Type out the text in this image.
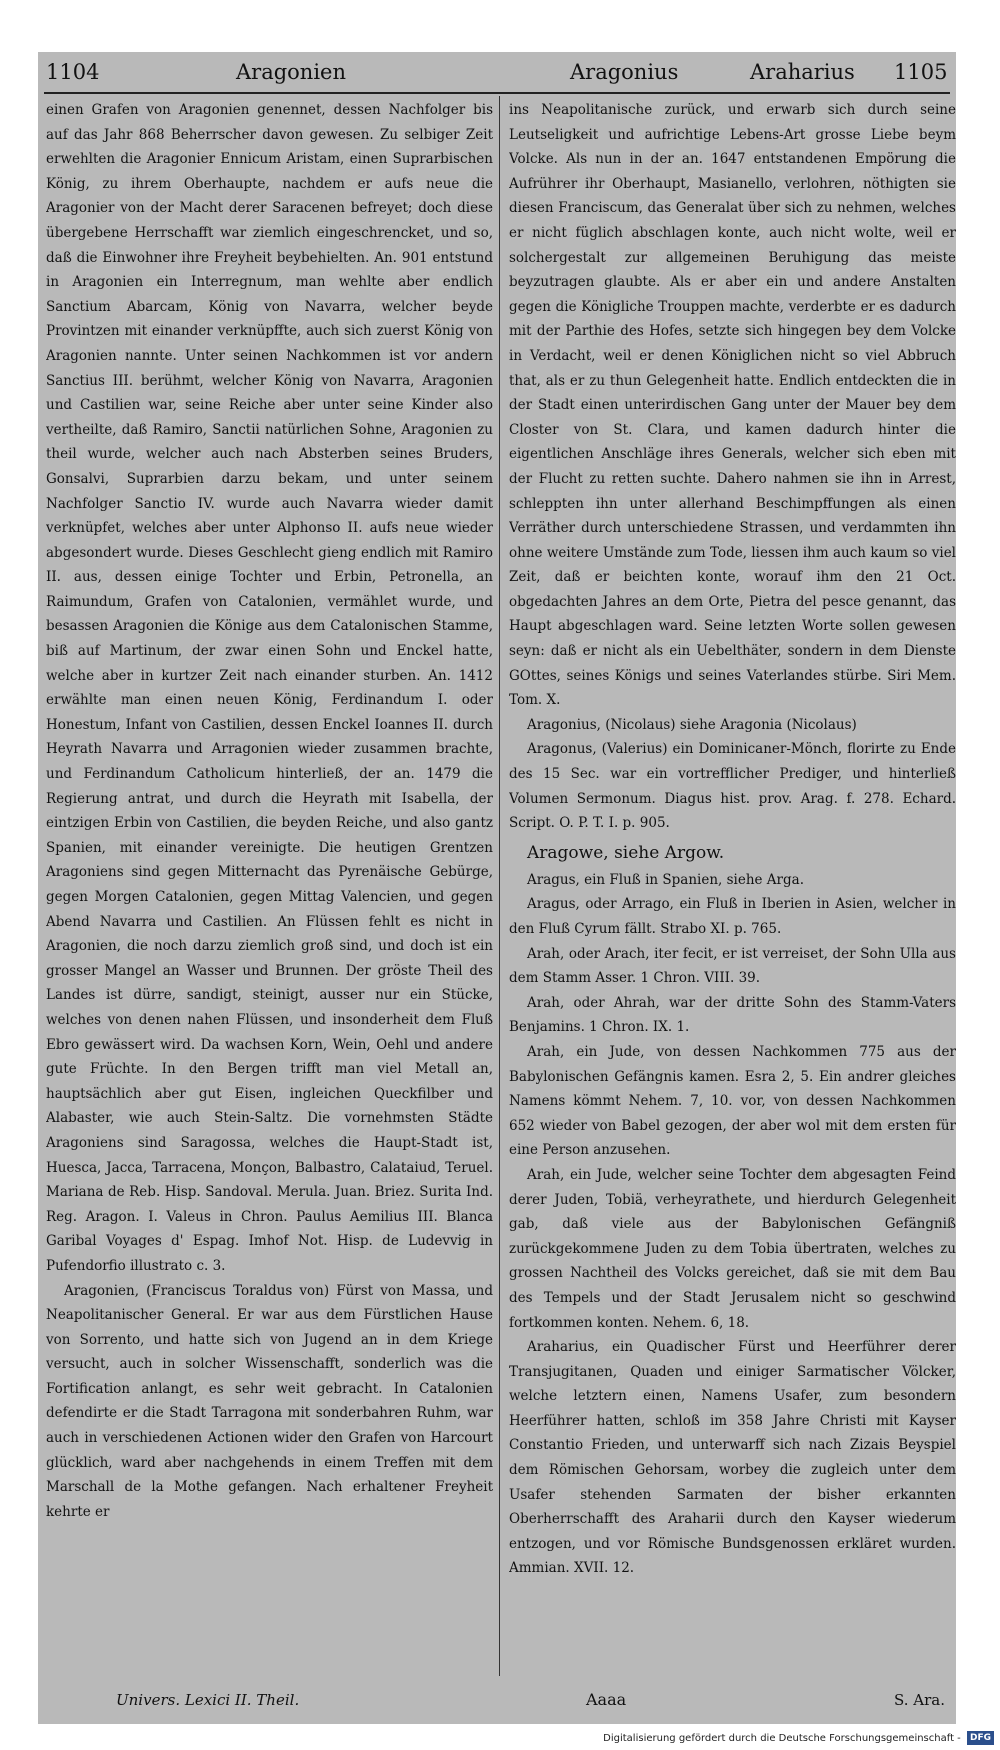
1104	Aragonien	Aragonius	Araharius 1105

einen Grafen von Aragonien genennet, dessen Nachfolger bis auf das Jahr 868 Beherrscher davon gewesen. Zu selbiger Zeit erwehlten die Aragonier Ennicum Aristam, einen Suprarbischen König, zu ihrem Oberhaupte, nachdem er aufs neue die Aragonier von der Macht derer Saracenen befreyet; doch diese übergebene Herrschafft war ziemlich eingeschrencket, und so, daß die Einwohner ihre Freyheit beybehielten. An. 901 entstund in Aragonien ein Interregnum, man wehlte aber endlich Sanctium Abarcam, König von Navarra, welcher beyde Provintzen mit einander verknüpffte, auch sich zuerst König von Aragonien nannte. Unter seinen Nachkommen ist vor andern Sanctius III. berühmt, welcher König von Navarra, Aragonien und Castilien war, seine Reiche aber unter seine Kinder also vertheilte, daß Ramiro, Sanctii natürlichen Sohne, Aragonien zu theil wurde, welcher auch nach Absterben seines Bruders, Gonsalvi, Suprarbien darzu bekam, und unter seinem Nachfolger Sanctio IV. wurde auch Navarra wieder damit verknüpfet, welches aber unter Alphonso II. aufs neue wieder abgesondert wurde. Dieses Geschlecht gieng endlich mit Ramiro II. aus, dessen einige Tochter und Erbin, Petronella, an Raimundum, Grafen von Catalonien, vermählet wurde, und besassen Aragonien die Könige aus dem Catalonischen Stamme, biß auf Martinum, der zwar einen Sohn und Enckel hatte, welche aber in kurtzer Zeit nach einander sturben. An. 1412 erwählte man einen neuen König, Ferdinandum I. oder Honestum, Infant von Castilien, dessen Enckel Ioannes II. durch Heyrath Navarra und Arragonien wieder zusammen brachte, und Ferdinandum Catholicum hinterließ, der an. 1479 die Regierung antrat, und durch die Heyrath mit Isabella, der eintzigen Erbin von Castilien, die beyden Reiche, und also gantz Spanien, mit einander vereinigte. Die heutigen Grentzen Aragoniens sind gegen Mitternacht das Pyrenäische Gebürge, gegen Morgen Catalonien, gegen Mittag Valencien, und gegen Abend Navarra und Castilien. An Flüssen fehlt es nicht in Aragonien, die noch darzu ziemlich groß sind, und doch ist ein grosser Mangel an Wasser und Brunnen. Der gröste Theil des Landes ist dürre, sandigt, steinigt, ausser nur ein Stücke, welches von denen nahen Flüssen, und insonderheit dem Fluß Ebro gewässert wird. Da wachsen Korn, Wein, Oehl und andere gute Früchte. In den Bergen trifft man viel Metall an, hauptsächlich aber gut Eisen, ingleichen Queckfilber und Alabaster, wie auch Stein-Saltz. Die vornehmsten Städte Aragoniens sind Saragossa, welches die Haupt-Stadt ist, Huesca, Jacca, Tarracena, Monçon, Balbastro, Calataiud, Teruel. Mariana de Reb. Hisp. Sandoval. Merula. Juan. Briez. Surita Ind. Reg. Aragon. I. Valeus in Chron. Paulus Aemilius III. Blanca Garibal Voyages d' Espag. Imhof Not. Hisp. de Ludevvig in Pufendorfio illustrato c. 3.

Aragonien, (Franciscus Toraldus von) Fürst von Massa, und Neapolitanischer General. Er war aus dem Fürstlichen Hause von Sorrento, und hatte sich von Jugend an in dem Kriege versucht, auch in solcher Wissenschafft, sonderlich was die Fortification anlangt, es sehr weit gebracht. In Catalonien defendirte er die Stadt Tarragona mit sonderbahren Ruhm, war auch in verschiedenen Actionen wider den Grafen von Harcourt glücklich, ward aber nachgehends in einem Treffen mit dem Marschall de la Mothe gefangen. Nach erhaltener Freyheit kehrte er

ins Neapolitanische zurück, und erwarb sich durch seine Leutseligkeit und aufrichtige Lebens-Art grosse Liebe beym Volcke. Als nun in der an. 1647 entstandenen Empörung die Aufrührer ihr Oberhaupt, Masianello, verlohren, nöthigten sie diesen Franciscum, das Generalat über sich zu nehmen, welches er nicht füglich abschlagen konte, auch nicht wolte, weil er solchergestalt zur allgemeinen Beruhigung das meiste beyzutragen glaubte. Als er aber ein und andere Anstalten gegen die Königliche Trouppen machte, verderbte er es dadurch mit der Parthie des Hofes, setzte sich hingegen bey dem Volcke in Verdacht, weil er denen Königlichen nicht so viel Abbruch that, als er zu thun Gelegenheit hatte. Endlich entdeckten die in der Stadt einen unterirdischen Gang unter der Mauer bey dem Closter von St. Clara, und kamen dadurch hinter die eigentlichen Anschläge ihres Generals, welcher sich eben mit der Flucht zu retten suchte. Dahero nahmen sie ihn in Arrest, schleppten ihn unter allerhand Beschimpffungen als einen Verräther durch unterschiedene Strassen, und verdammten ihn ohne weitere Umstände zum Tode, liessen ihm auch kaum so viel Zeit, daß er beichten konte, worauf ihm den 21 Oct. obgedachten Jahres an dem Orte, Pietra del pesce genannt, das Haupt abgeschlagen ward. Seine letzten Worte sollen gewesen seyn: daß er nicht als ein Uebelthäter, sondern in dem Dienste GOttes, seines Königs und seines Vaterlandes stürbe. Siri Mem. Tom. X.

Aragonius, (Nicolaus) siehe Aragonia (Nicolaus)

Aragonus, (Valerius) ein Dominicaner-Mönch, florirte zu Ende des 15 Sec. war ein vortrefflicher Prediger, und hinterließ Volumen Sermonum. Diagus hist. prov. Arag. f. 278. Echard. Script. O. P. T. I. p. 905.

Aragowe, siehe Argow.

Aragus, ein Fluß in Spanien, siehe Arga.

Aragus, oder Arrago, ein Fluß in Iberien in Asien, welcher in den Fluß Cyrum fällt. Strabo XI. p. 765.

Arah, oder Arach, iter fecit, er ist verreiset, der Sohn Ulla aus dem Stamm Asser. 1 Chron. VIII. 39.

Arah, oder Ahrah, war der dritte Sohn des Stamm-Vaters Benjamins. 1 Chron. IX. 1.

Arah, ein Jude, von dessen Nachkommen 775 aus der Babylonischen Gefängnis kamen. Esra 2, 5. Ein andrer gleiches Namens kömmt Nehem. 7, 10. vor, von dessen Nachkommen 652 wieder von Babel gezogen, der aber wol mit dem ersten für eine Person anzusehen.

Arah, ein Jude, welcher seine Tochter dem abgesagten Feind derer Juden, Tobiä, verheyrathete, und hierdurch Gelegenheit gab, daß viele aus der Babylonischen Gefängniß zurückgekommene Juden zu dem Tobia übertraten, welches zu grossen Nachtheil des Volcks gereichet, daß sie mit dem Bau des Tempels und der Stadt Jerusalem nicht so geschwind fortkommen konten. Nehem. 6, 18.

Araharius, ein Quadischer Fürst und Heerführer derer Transjugitanen, Quaden und einiger Sarmatischer Völcker, welche letztern einen, Namens Usafer, zum besondern Heerführer hatten, schloß im 358 Jahre Christi mit Kayser Constantio Frieden, und unterwarff sich nach Zizais Beyspiel dem Römischen Gehorsam, worbey die zugleich unter dem Usafer stehenden Sarmaten der bisher erkannten Oberherrschafft des Araharii durch den Kayser wiederum entzogen, und vor Römische Bundsgenossen erkläret wurden. Ammian. XVII. 12.

Univers. Lexici II. Theil.	Aaaa	S. Ara.
Digitalisierung gefördert durch die Deutsche Forschungsgemeinschaft - DFG
